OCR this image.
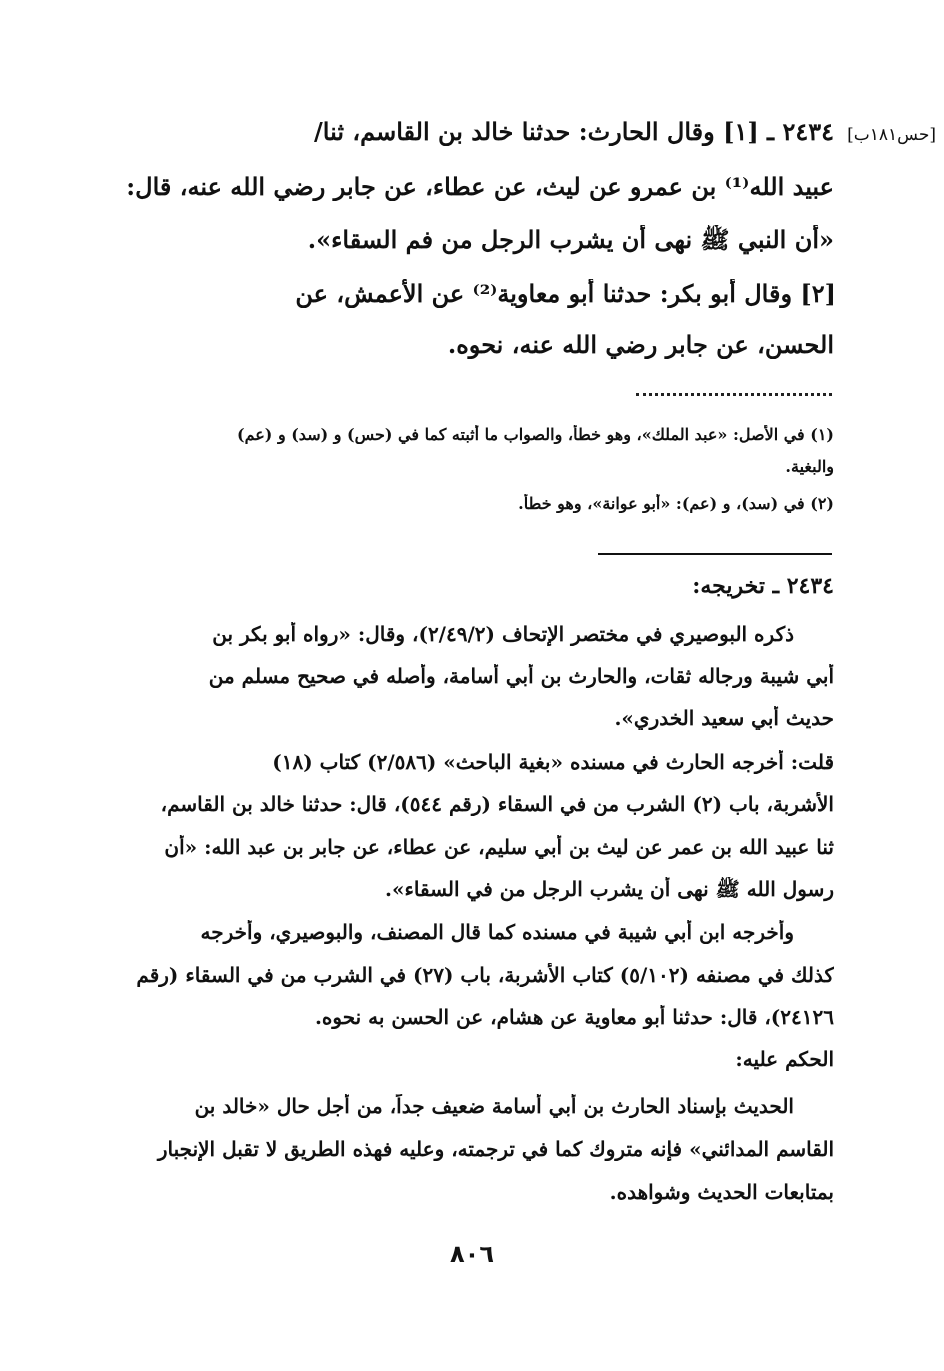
[حس١٨١ب]
٢٤٣٤ ـ [١] وقال الحارث: حدثنا خالد بن القاسم، ثنا/
عبيد الله⁽¹⁾ بن عمرو عن ليث، عن عطاء، عن جابر رضي الله عنه، قال:
«أن النبي ﷺ نهى أن يشرب الرجل من فم السقاء».
[٢] وقال أبو بكر: حدثنا أبو معاوية⁽²⁾ عن الأعمش، عن
الحسن، عن جابر رضي الله عنه، نحوه.
(١) في الأصل: «عبد الملك»، وهو خطأ، والصواب ما أثبته كما في (حس) و (سد) و (عم)
والبغية.
(٢) في (سد)، و (عم): «أبو عوانة»، وهو خطأ.
٢٤٣٤ ـ تخريجه:
ذكره البوصيري في مختصر الإتحاف (٢/٤٩/٢)، وقال: «رواه أبو بكر بن
أبي شيبة ورجاله ثقات، والحارث بن أبي أسامة، وأصله في صحيح مسلم من
حديث أبي سعيد الخدري».
قلت: أخرجه الحارث في مسنده «بغية الباحث» (٢/٥٨٦) كتاب (١٨)
الأشربة، باب (٢) الشرب من في السقاء (رقم ٥٤٤)، قال: حدثنا خالد بن القاسم،
ثنا عبيد الله بن عمر عن ليث بن أبي سليم، عن عطاء، عن جابر بن عبد الله: «أن
رسول الله ﷺ نهى أن يشرب الرجل من في السقاء».
وأخرجه ابن أبي شيبة في مسنده كما قال المصنف، والبوصيري، وأخرجه
كذلك في مصنفه (٥/١٠٢) كتاب الأشربة، باب (٢٧) في الشرب من في السقاء (رقم
٢٤١٢٦)، قال: حدثنا أبو معاوية عن هشام، عن الحسن به نحوه.
الحكم عليه:
الحديث بإسناد الحارث بن أبي أسامة ضعيف جداً، من أجل حال «خالد بن
القاسم المدائني» فإنه متروك كما في ترجمته، وعليه فهذه الطريق لا تقبل الإنجبار
بمتابعات الحديث وشواهده.
٨٠٦
